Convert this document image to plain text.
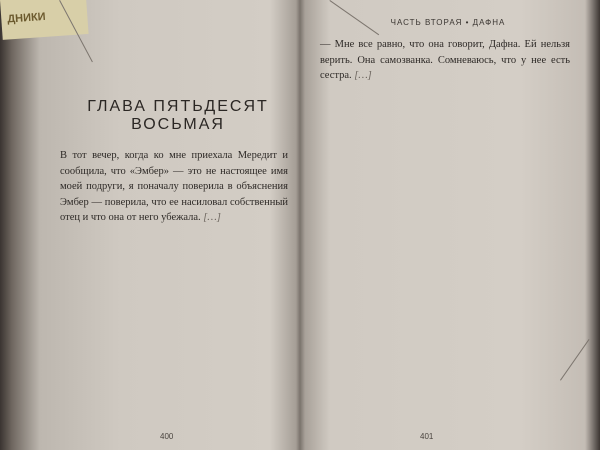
ДНИКИ
ГЛАВА ПЯТЬДЕСЯТ ВОСЬМАЯ
В тот вечер, когда ко мне приехала Мередит и сообщила, что «Эмбер» — это не настоящее имя моей подруги, я поначалу поверила в объяснения Эмбер — поверила, что ее насиловал собственный отец и что она от него убежала. […]
ЧАСТЬ ВТОРАЯ • ДАФНА
— Мне все равно, что она говорит, Дафна. Ей нельзя верить. Она самозванка. Сомневаюсь, что у нее есть сестра. […]
400	401
